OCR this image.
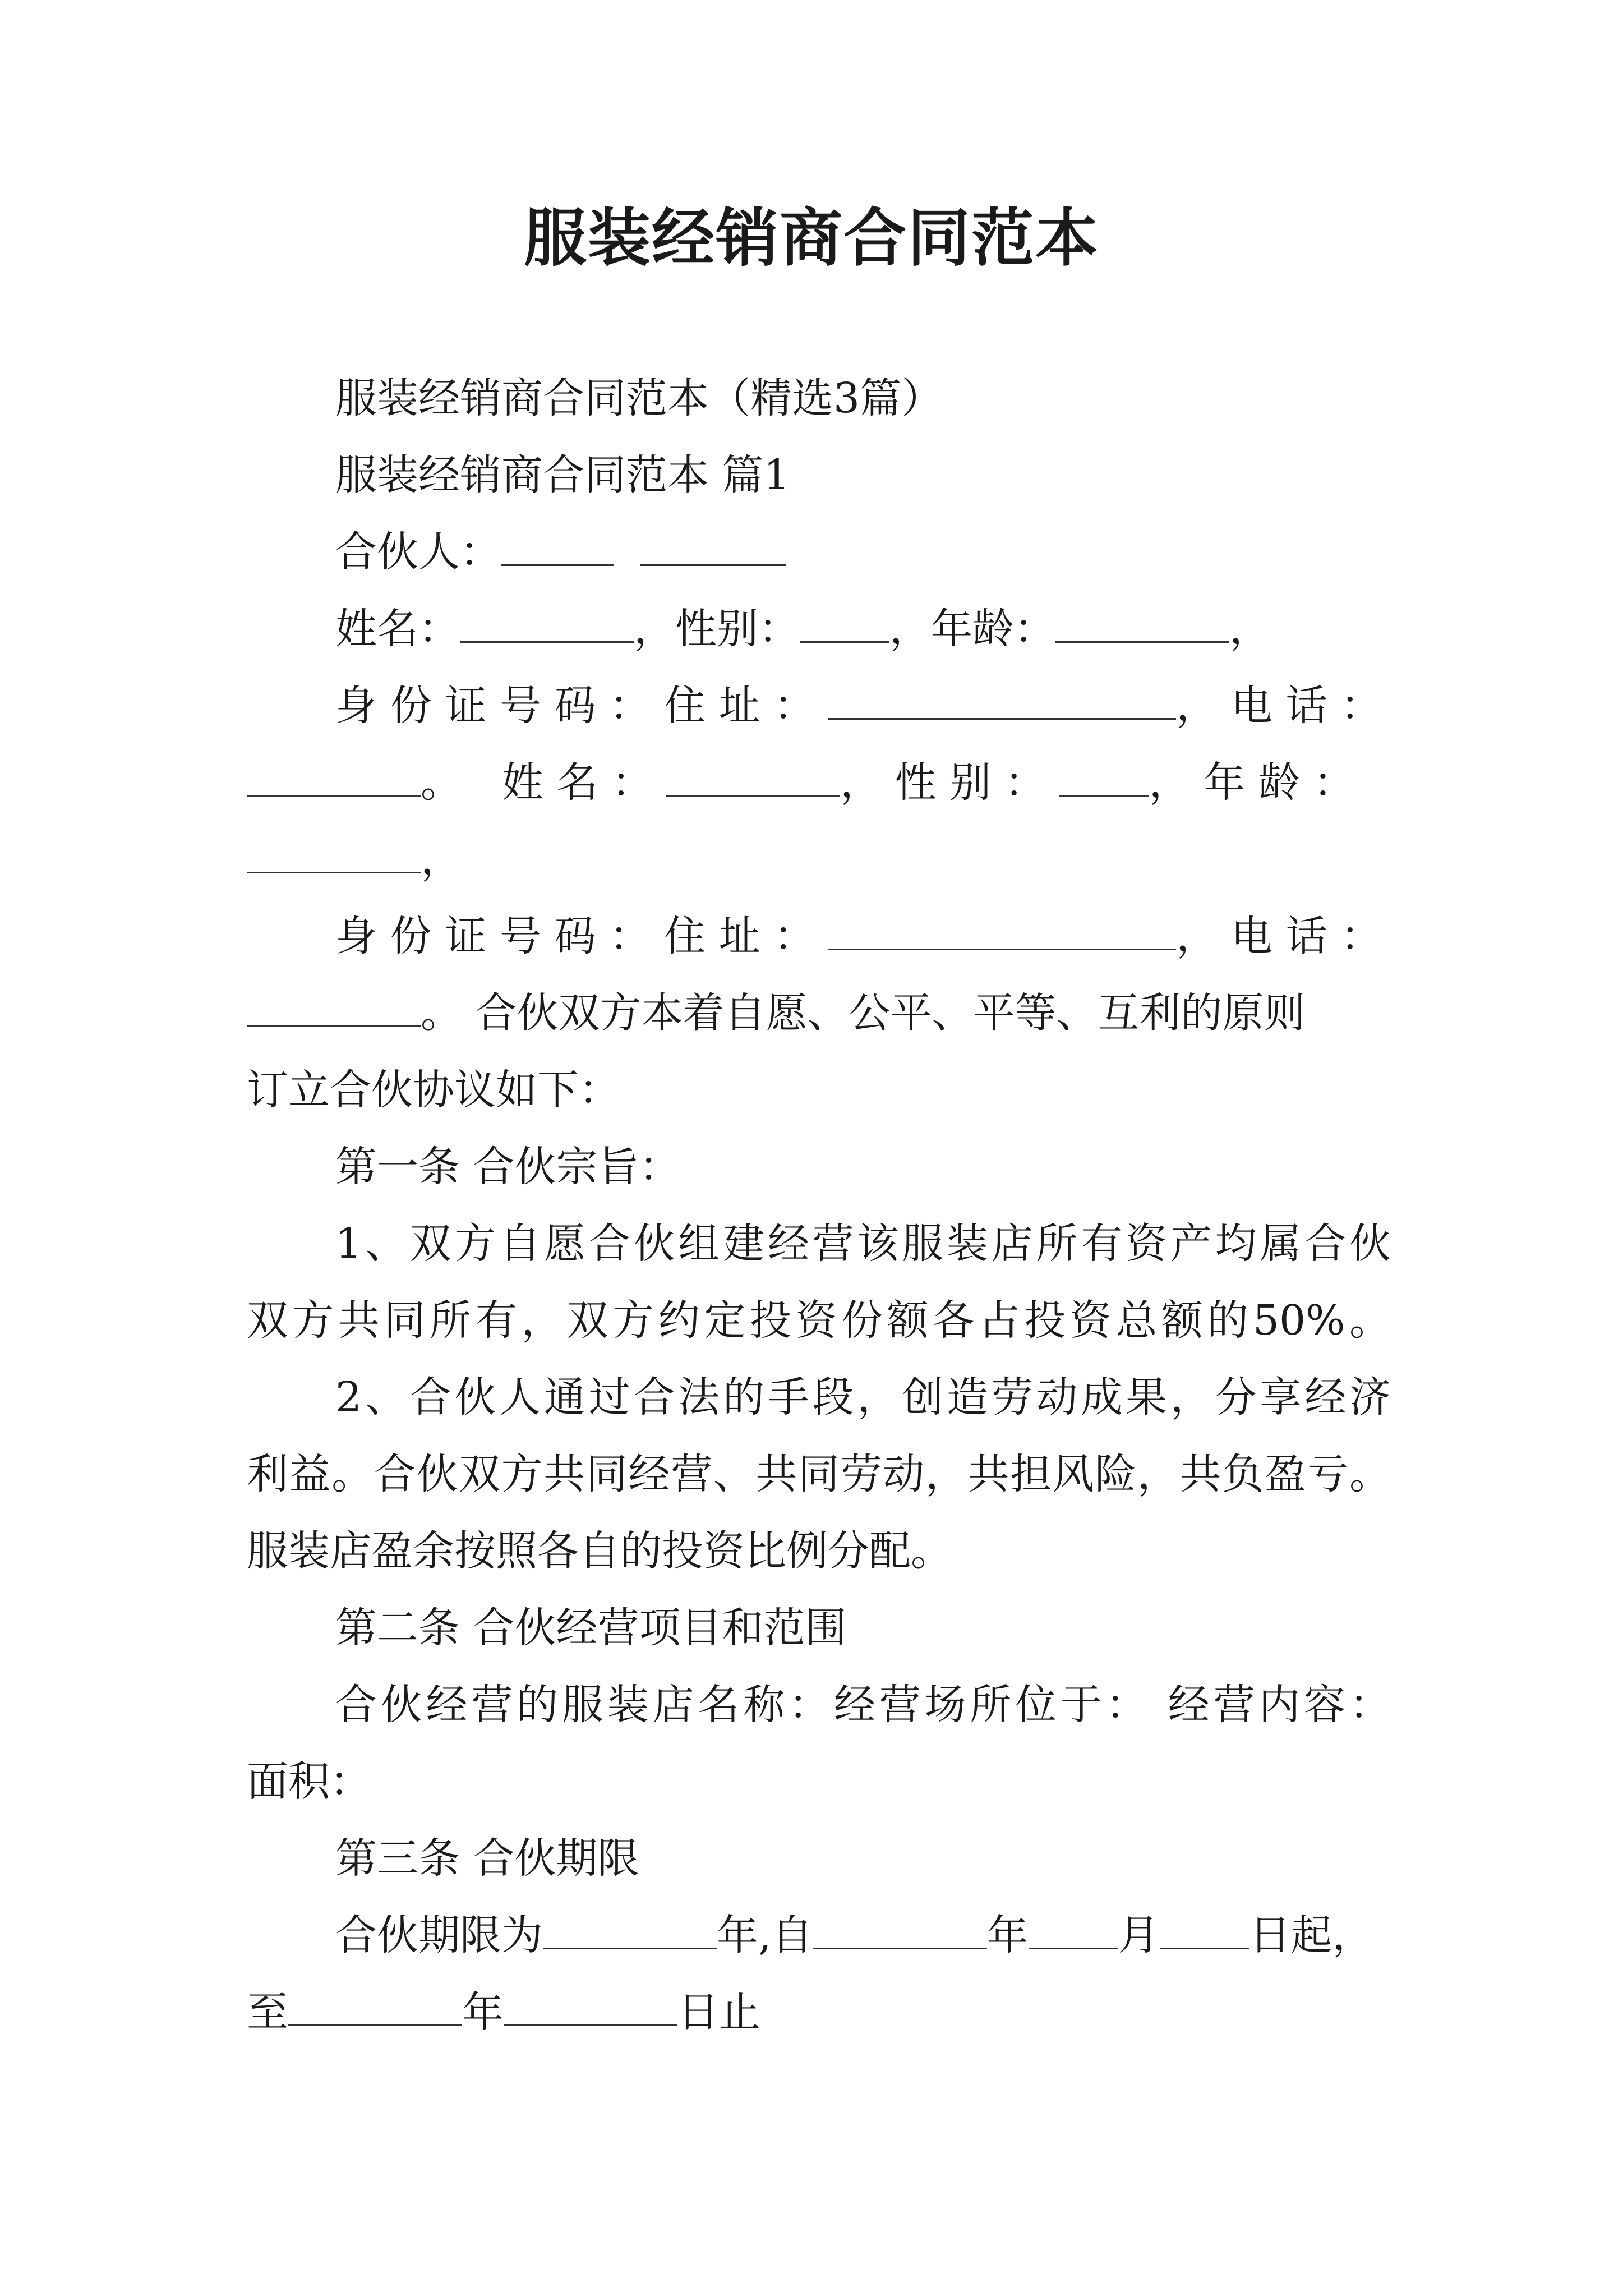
服装经销商合同范本
服装经销商合同范本（精选3篇）
服装经销商合同范本 篇1
合伙人：
姓名：	，性别： ，年龄：	，
身份证号码：住址：	，电话：
。 姓名：	，性别： ，年龄：
，
身份证号码：住址：	，电话：
。 合伙双方本着自愿、公平、平等、互利的原则
订立合伙协议如下：
第一条 合伙宗旨：
1、双方自愿合伙组建经营该服装店所有资产均属合伙
双方共同所有，双方约定投资份额各占投资总额的50%。
2、合伙人通过合法的手段，创造劳动成果，分享经济
利益。合伙双方共同经营、共同劳动，共担风险，共负盈亏。
服装店盈余按照各自的投资比例分配。
第二条 合伙经营项目和范围
合伙经营的服装店名称：经营场所位于： 经营内容：
面积：
第三条 合伙期限
合伙期限为	年,自	年 月 日起，
至	年	日止
